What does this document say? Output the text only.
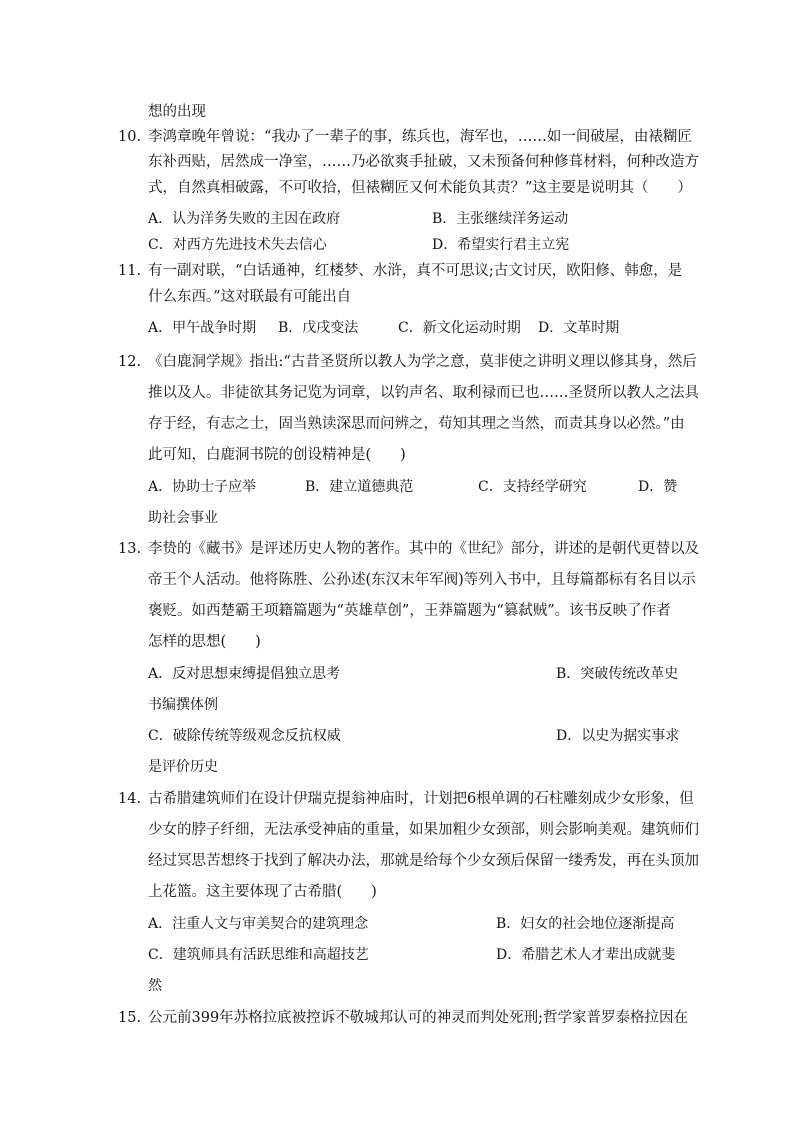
想的出现
10. 李鸿章晚年曾说：“我办了一辈子的事，练兵也，海军也，……如一间破屋，由裱糊匠
东补西贴，居然成一净室，……乃必欲爽手扯破，又未预备何种修葺材料，何种改造方
式，自然真相破露，不可收拾，但裱糊匠又何术能负其责？”这主要是说明其（　　）
A．认为洋务失败的主因在政府	B．主张继续洋务运动
C．对西方先进技术失去信心	D．希望实行君主立宪
11. 有一副对联，“白话通神，红楼梦、水浒，真不可思议;古文讨厌，欧阳修、韩愈，是
什么东西。”这对联最有可能出自
A．甲午战争时期 B．戊戌变法	C．新文化运动时期 D．文革时期
12. 《白鹿洞学规》指出:“古昔圣贤所以教人为学之意，莫非使之讲明义理以修其身，然后
推以及人。非徒欲其务记览为词章，以钓声名、取利禄而已也……圣贤所以教人之法具
存于经，有志之士，固当熟读深思而问辨之，苟知其理之当然，而责其身以必然。”由
此可知，白鹿洞书院的创设精神是(　　)
A．协助士子应举	B．建立道德典范	C．支持经学研究	D．赞
助社会事业
13. 李贽的《藏书》是评述历史人物的著作。其中的《世纪》部分，讲述的是朝代更替以及
帝王个人活动。他将陈胜、公孙述(东汉末年军阀)等列入书中，且每篇都标有名目以示
褒贬。如西楚霸王项籍篇题为“英雄草创”，王莽篇题为“篡弑贼”。该书反映了作者
怎样的思想(　　)
A．反对思想束缚提倡独立思考	B．突破传统改革史
书编撰体例
C．破除传统等级观念反抗权威	D．以史为据实事求
是评价历史
14. 古希腊建筑师们在设计伊瑞克提翁神庙时，计划把6根单调的石柱雕刻成少女形象，但
少女的脖子纤细，无法承受神庙的重量，如果加粗少女颈部，则会影响美观。建筑师们
经过冥思苦想终于找到了解决办法，那就是给每个少女颈后保留一缕秀发，再在头顶加
上花篮。这主要体现了古希腊(　　)
A．注重人文与审美契合的建筑理念	B．妇女的社会地位逐渐提高
C．建筑师具有活跃思维和高超技艺	D．希腊艺术人才辈出成就斐
然
15. 公元前399年苏格拉底被控诉不敬城邦认可的神灵而判处死刑;哲学家普罗泰格拉因在
